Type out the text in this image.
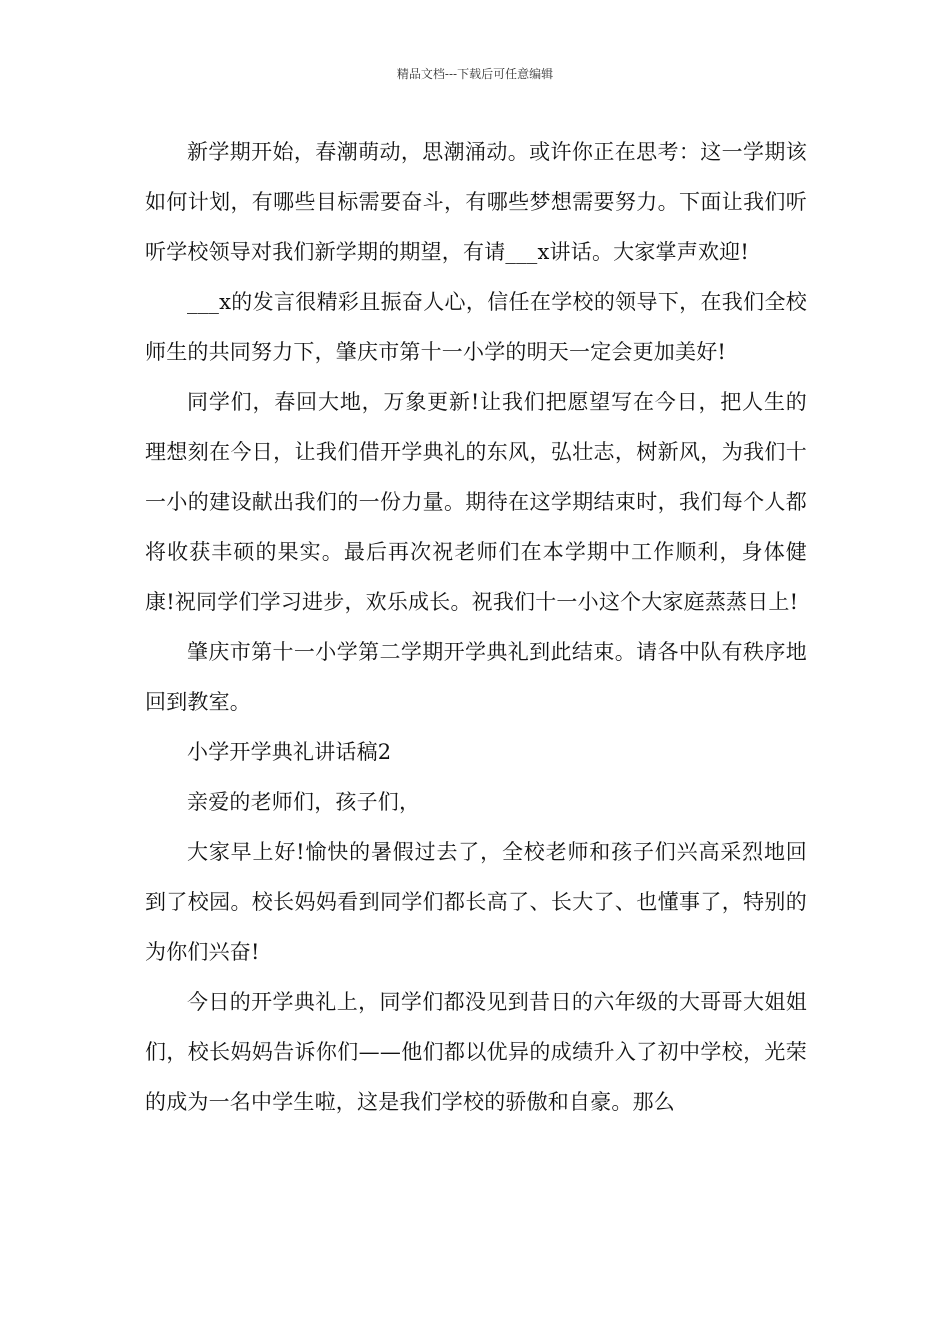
精品文档---下载后可任意编辑

新学期开始，春潮萌动，思潮涌动。或许你正在思考：这一学期该如何计划，有哪些目标需要奋斗，有哪些梦想需要努力。下面让我们听听学校领导对我们新学期的期望，有请___x讲话。大家掌声欢迎!

___x的发言很精彩且振奋人心，信任在学校的领导下，在我们全校师生的共同努力下，肇庆市第十一小学的明天一定会更加美好!

同学们，春回大地，万象更新!让我们把愿望写在今日，把人生的理想刻在今日，让我们借开学典礼的东风，弘壮志，树新风，为我们十一小的建设献出我们的一份力量。期待在这学期结束时，我们每个人都将收获丰硕的果实。最后再次祝老师们在本学期中工作顺利，身体健康!祝同学们学习进步，欢乐成长。祝我们十一小这个大家庭蒸蒸日上!

肇庆市第十一小学第二学期开学典礼到此结束。请各中队有秩序地回到教室。

小学开学典礼讲话稿2

亲爱的老师们，孩子们，

大家早上好!愉快的暑假过去了，全校老师和孩子们兴高采烈地回到了校园。校长妈妈看到同学们都长高了、长大了、也懂事了，特别的为你们兴奋!

今日的开学典礼上，同学们都没见到昔日的六年级的大哥哥大姐姐们，校长妈妈告诉你们——他们都以优异的成绩升入了初中学校，光荣的成为一名中学生啦，这是我们学校的骄傲和自豪。那么
